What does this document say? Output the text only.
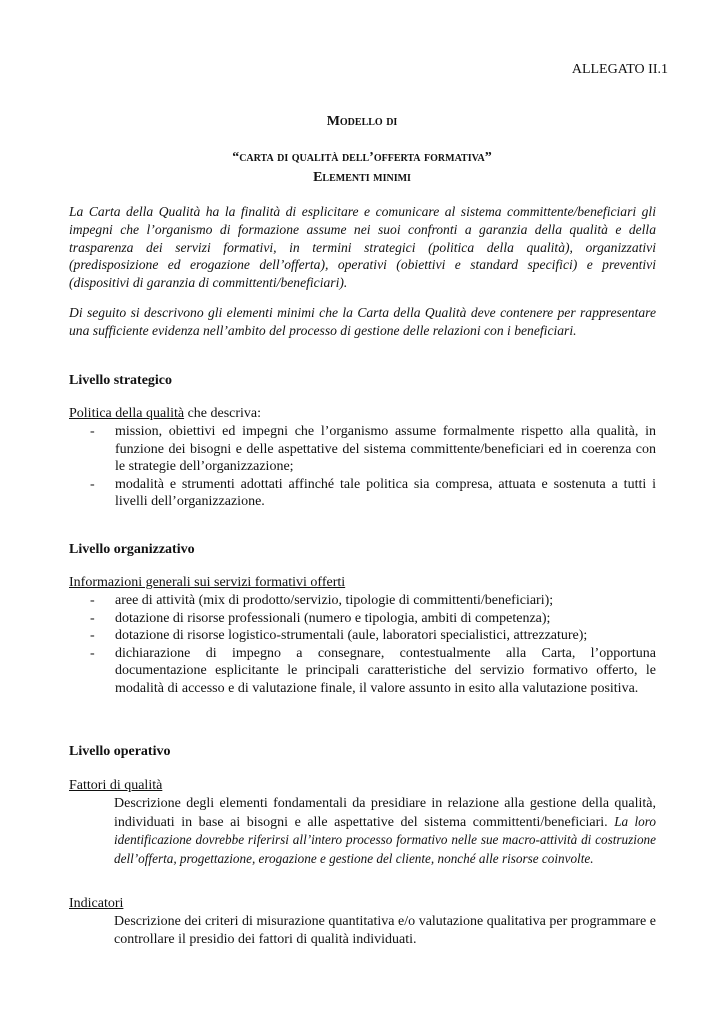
ALLEGATO II.1
Modello di
“carta di qualità dell’offerta formativa”
Elementi minimi
La Carta della Qualità ha la finalità di esplicitare e comunicare al sistema committente/beneficiari gli impegni che l’organismo di formazione assume nei suoi confronti a garanzia della qualità e della trasparenza dei servizi formativi, in termini strategici (politica della qualità), organizzativi (predisposizione ed erogazione dell’offerta), operativi (obiettivi e standard specifici) e preventivi (dispositivi di garanzia di committenti/beneficiari).
Di seguito si descrivono gli elementi minimi che la Carta della Qualità deve contenere per rappresentare una sufficiente evidenza nell’ambito del processo di gestione delle relazioni con i beneficiari.
Livello strategico
Politica della qualità che descriva:
- mission, obiettivi ed impegni che l’organismo assume formalmente rispetto alla qualità, in funzione dei bisogni e delle aspettative del sistema committente/beneficiari ed in coerenza con le strategie dell’organizzazione;
- modalità e strumenti adottati affinché tale politica sia compresa, attuata e sostenuta a tutti i livelli dell’organizzazione.
Livello organizzativo
Informazioni generali sui servizi formativi offerti
- aree di attività (mix di prodotto/servizio, tipologie di committenti/beneficiari);
- dotazione di risorse professionali (numero e tipologia, ambiti di competenza);
- dotazione di risorse logistico-strumentali (aule, laboratori specialistici, attrezzature);
- dichiarazione di impegno a consegnare, contestualmente alla Carta, l’opportuna documentazione esplicitante le principali caratteristiche del servizio formativo offerto, le modalità di accesso e di valutazione finale, il valore assunto in esito alla valutazione positiva.
Livello operativo
Fattori di qualità
Descrizione degli elementi fondamentali da presidiare in relazione alla gestione della qualità, individuati in base ai bisogni e alle aspettative del sistema committenti/beneficiari. La loro identificazione dovrebbe riferirsi all’intero processo formativo nelle sue macro-attività di costruzione dell’offerta, progettazione, erogazione e gestione del cliente, nonché alle risorse coinvolte.
Indicatori
Descrizione dei criteri di misurazione quantitativa e/o valutazione qualitativa per programmare e controllare il presidio dei fattori di qualità individuati.
